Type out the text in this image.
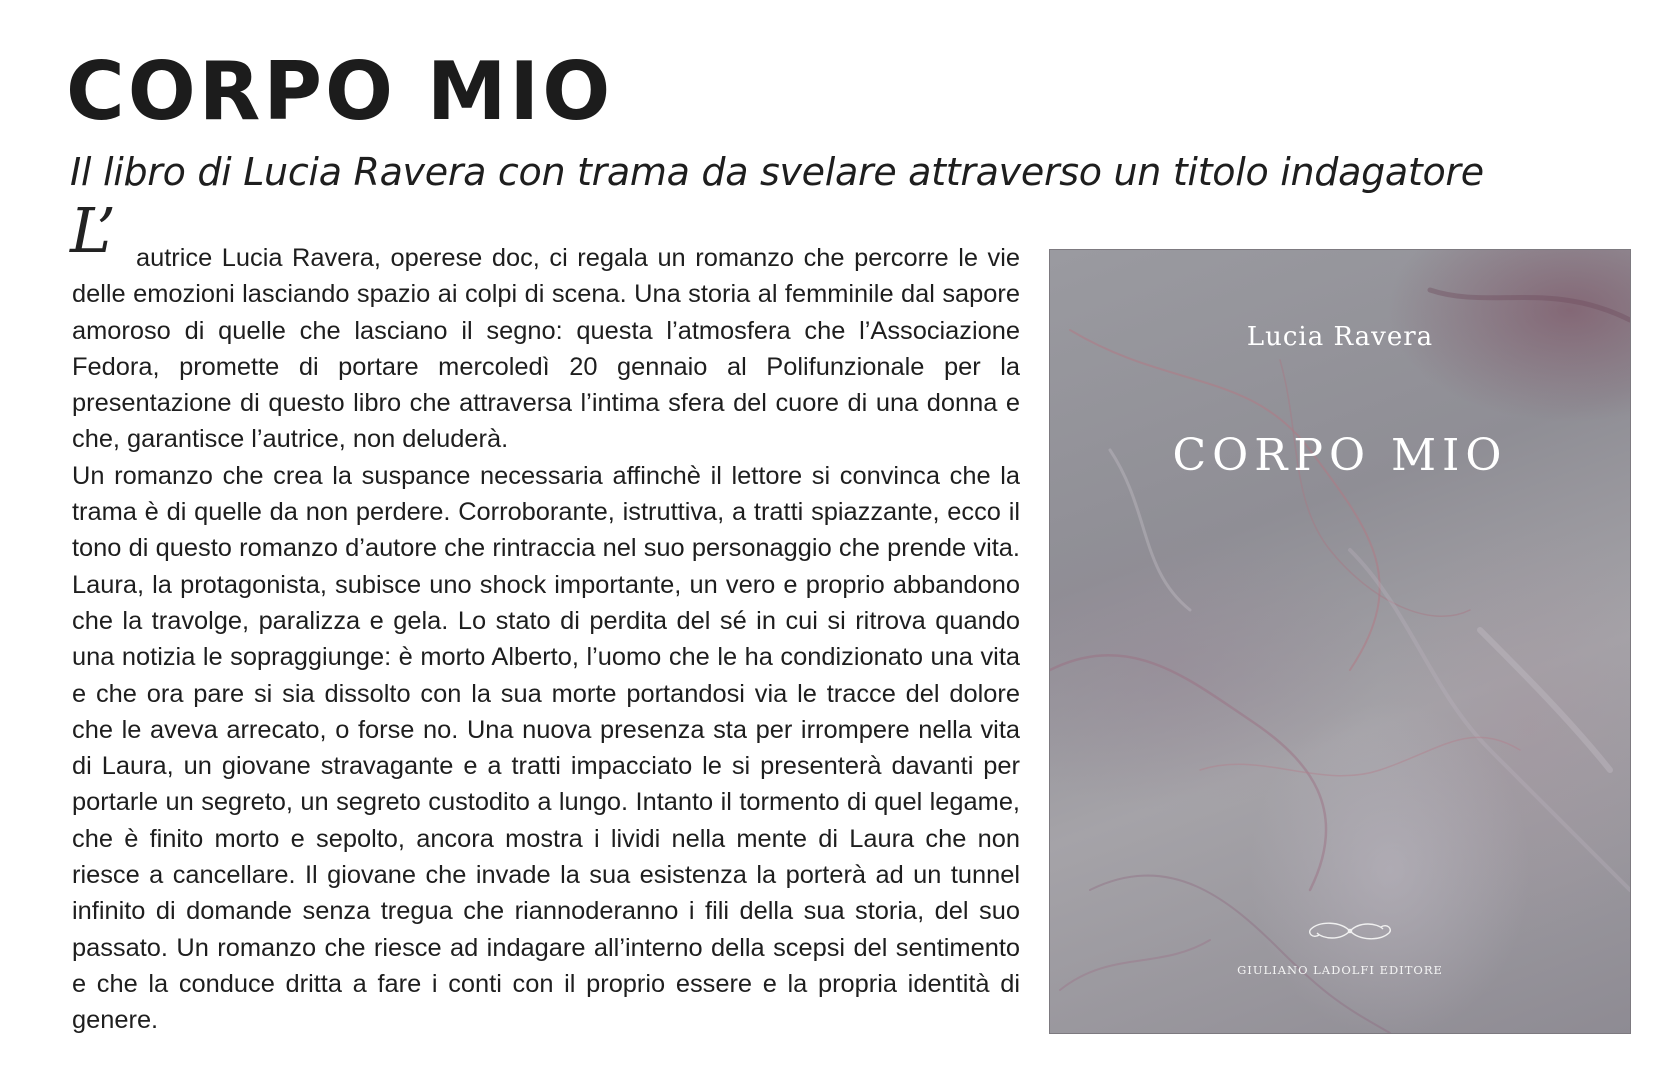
CORPO MIO
Il libro di Lucia Ravera con trama da svelare attraverso un titolo indagatore
L’ autrice Lucia Ravera, operese doc, ci regala un romanzo che percorre le vie delle emozioni lasciando spazio ai colpi di scena. Una storia al femminile dal sapore amoroso di quelle che lasciano il segno: questa l’atmosfera che l’Associazione Fedora, promette di portare mercoledì 20 gennaio al Polifunzionale per la presentazione di questo libro che attraversa l’intima sfera del cuore di una donna e che, garantisce l’autrice, non deluderà.

Un romanzo che crea la suspance necessaria affinchè il lettore si convinca che la trama è di quelle da non perdere. Corroborante, istruttiva, a tratti spiazzante, ecco il tono di questo romanzo d’autore che rintraccia nel suo personaggio che prende vita. Laura, la protagonista, subisce uno shock importante, un vero e proprio abbandono che la travolge, paralizza e gela. Lo stato di perdita del sé in cui si ritrova quando una notizia le sopraggiunge: è morto Alberto, l’uomo che le ha condizionato una vita e che ora pare si sia dissolto con la sua morte portandosi via le tracce del dolore che le aveva arrecato, o forse no. Una nuova presenza sta per irrompere nella vita di Laura, un giovane stravagante e a tratti impacciato le si presenterà davanti per portarle un segreto, un segreto custodito a lungo. Intanto il tormento di quel legame, che è finito morto e sepolto, ancora mostra i lividi nella mente di Laura che non riesce a cancellare. Il giovane che invade la sua esistenza la porterà ad un tunnel infinito di domande senza tregua che riannoderanno i fili della sua storia, del suo passato. Un romanzo che riesce ad indagare all’interno della scepsi del sentimento e che la conduce dritta a fare i conti con il proprio essere e la propria identità di genere.

Lucia Ravera
CORPO MIO
GIULIANO LADOLFI EDITORE
